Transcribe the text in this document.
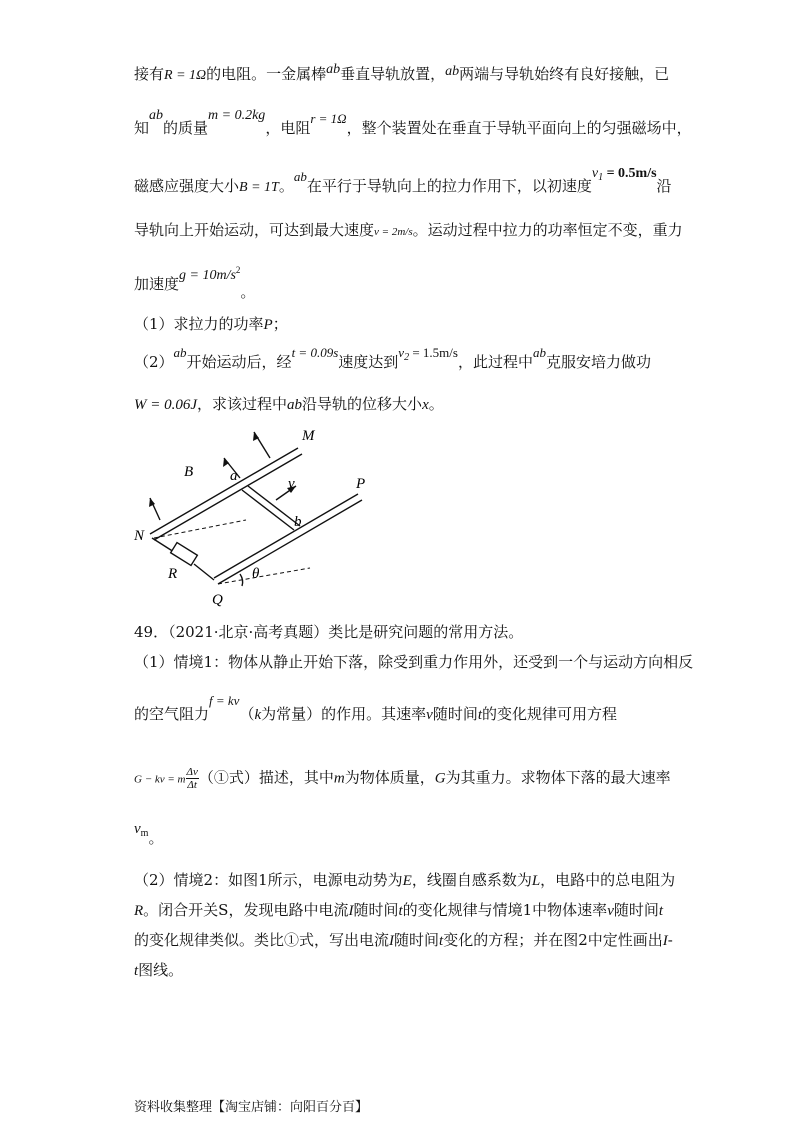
接有R = 1Ω的电阻。一金属棒ab垂直导轨放置，ab两端与导轨始终有良好接触，已
知ab的质量m = 0.2kg，电阻r = 1Ω，整个装置处在垂直于导轨平面向上的匀强磁场中，
磁感应强度大小B = 1T。ab在平行于导轨向上的拉力作用下，以初速度$v_1 = 0.5m/s$沿
导轨向上开始运动，可达到最大速度v = 2m/s。运动过程中拉力的功率恒定不变，重力
加速度$g = 10m/s^2$。
（1）求拉力的功率P；
（2）ab开始运动后，经t = 0.09s速度达到$v_2 = 1.5m/s$，此过程中ab克服安培力做功
W = 0.06J，求该过程中ab沿导轨的位移大小x。
M
B a	v	P
N
b
R	θ
Q
49．（2021·北京·高考真题）类比是研究问题的常用方法。
（1）情境1：物体从静止开始下落，除受到重力作用外，还受到一个与运动方向相反
的空气阻力f = kv（k为常量）的作用。其速率v随时间t的变化规律可用方程
G − kv = m $\frac{\Delta v}{\Delta t}$ （①式）描述，其中m为物体质量，G为其重力。求物体下落的最大速率
$v_m$。
（2）情境2：如图1所示，电源电动势为E，线圈自感系数为L，电路中的总电阻为
R。闭合开关S，发现电路中电流I随时间t的变化规律与情境1中物体速率v随时间t
的变化规律类似。类比①式，写出电流I随时间t变化的方程；并在图2中定性画出I-
t图线。
资料收集整理【淘宝店铺：向阳百分百】
